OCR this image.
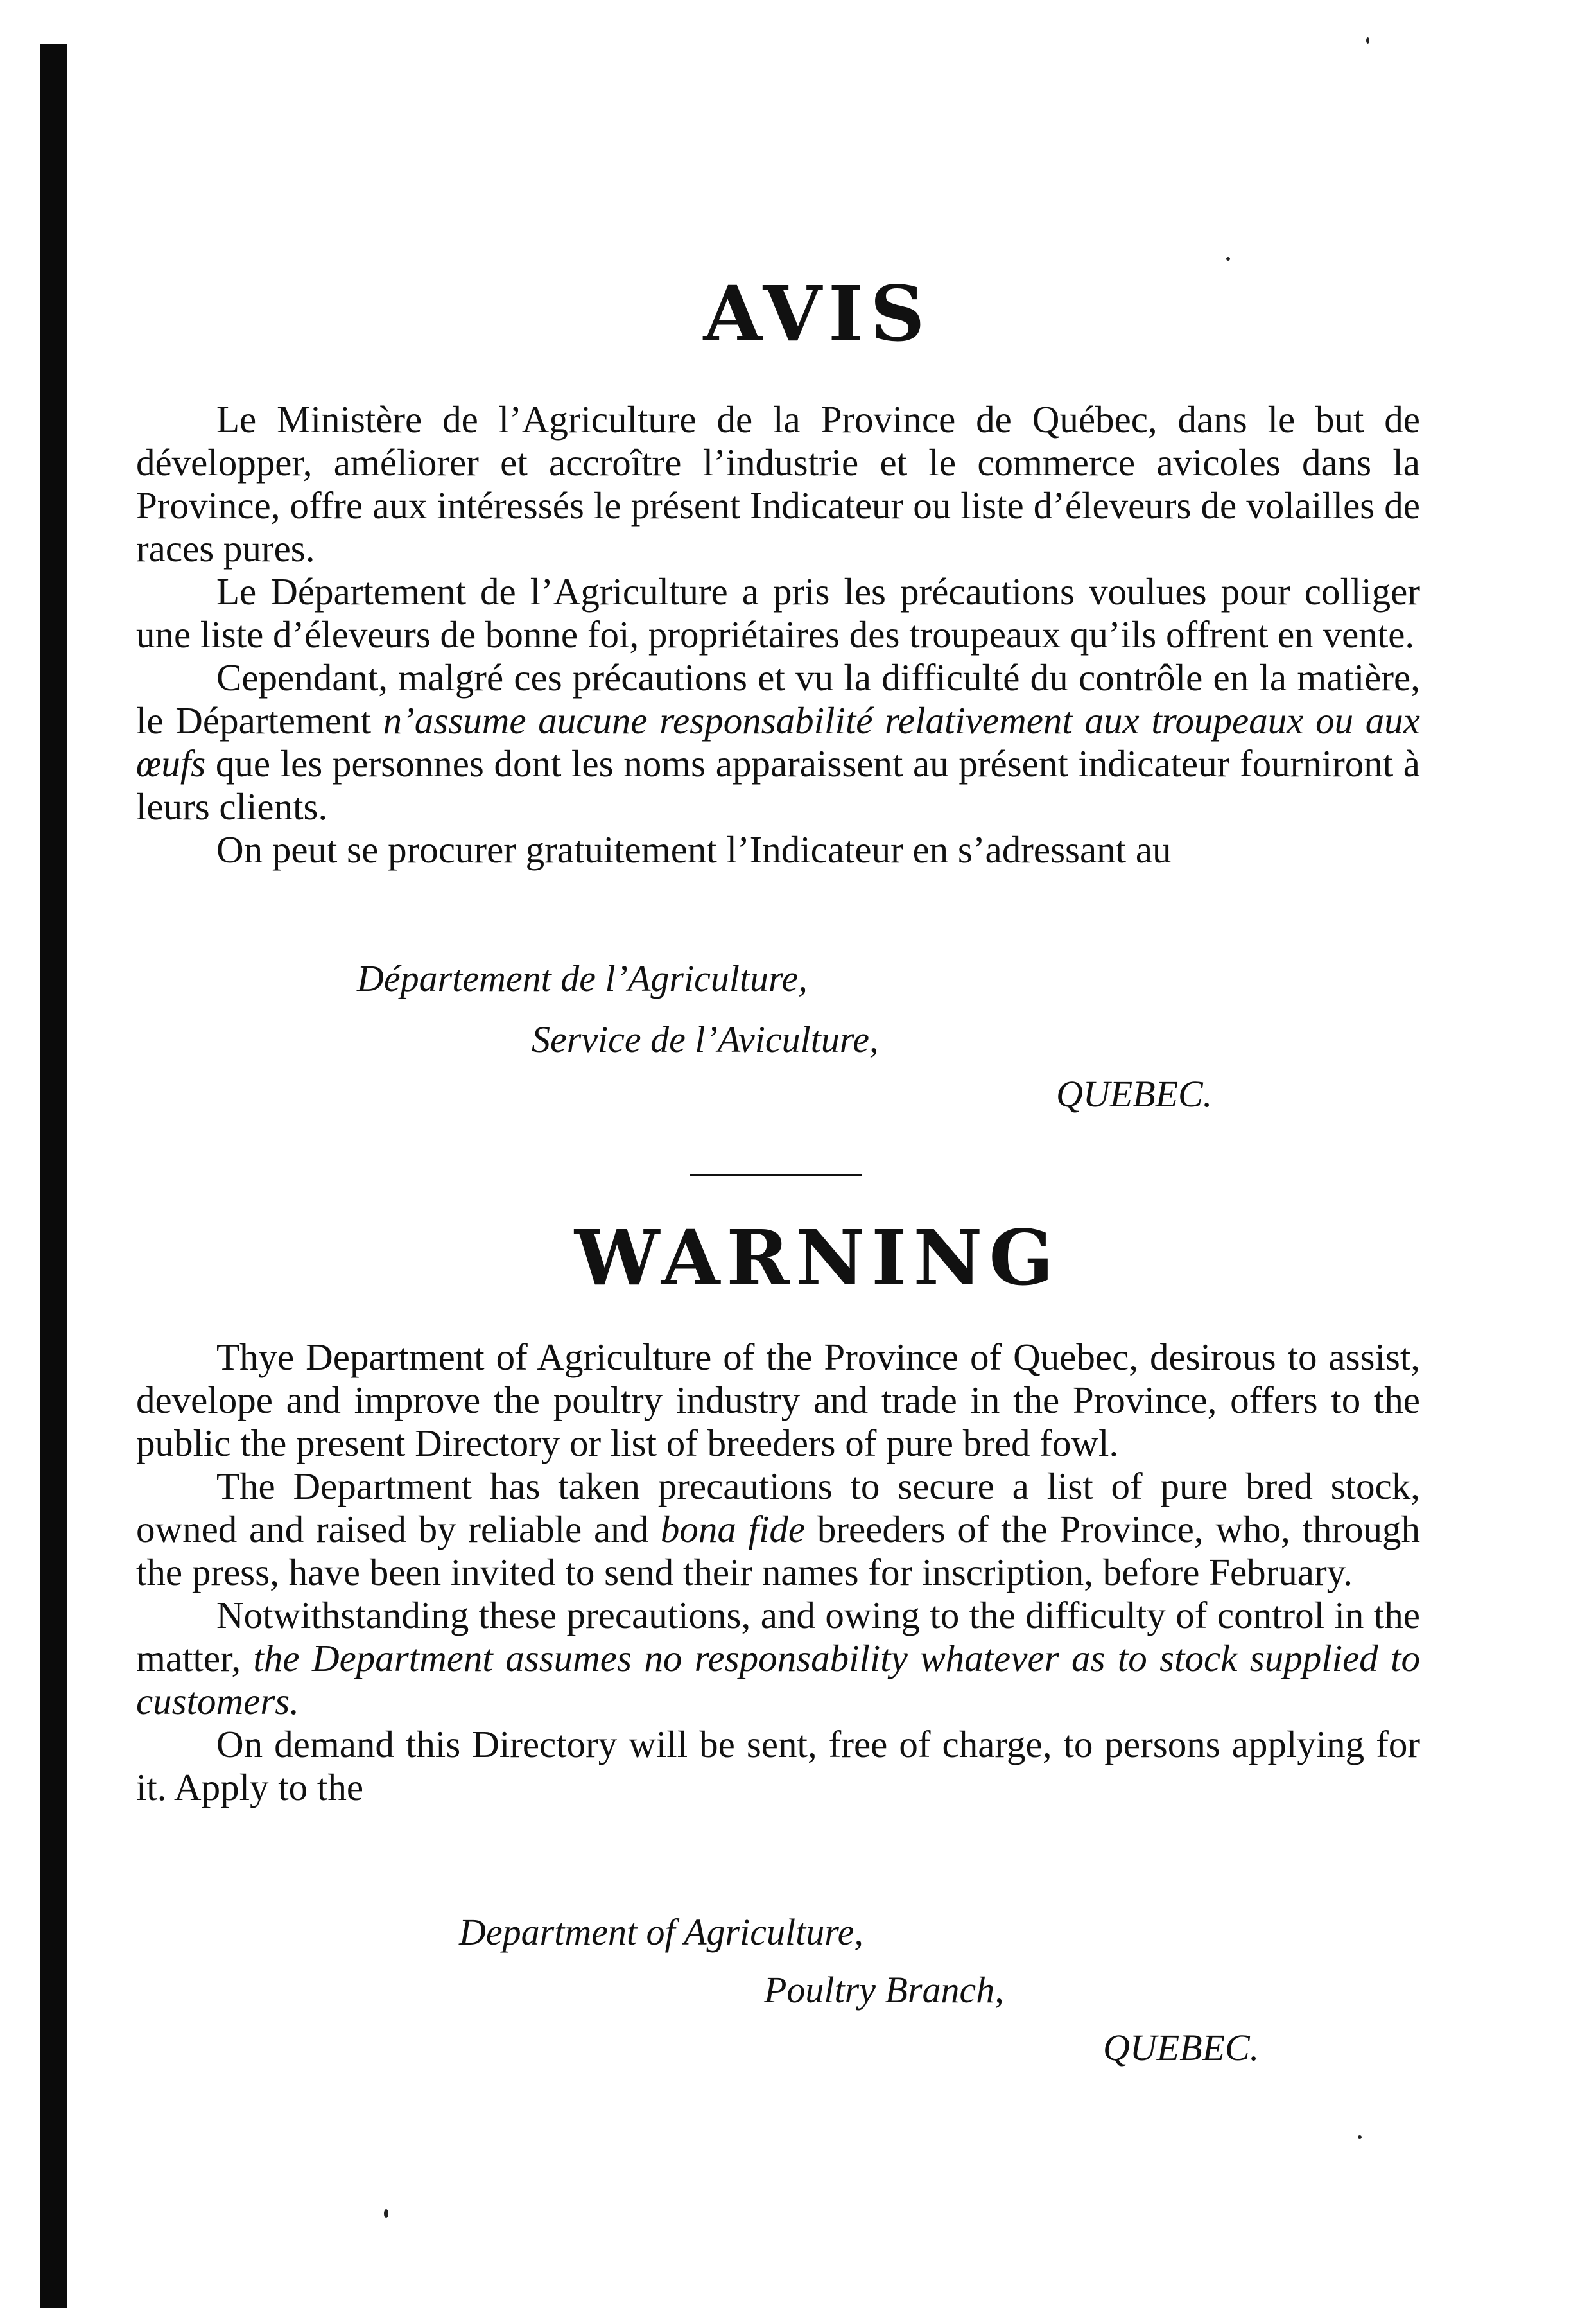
AVIS

Le Ministère de l’Agriculture de la Province de Québec, dans le but de développer, améliorer et accroître l’industrie et le commerce avicoles dans la Province, offre aux intéressés le présent Indicateur ou liste d’éleveurs de volailles de races pures.

Le Département de l’Agriculture a pris les précautions voulues pour colliger une liste d’éleveurs de bonne foi, propriétaires des troupeaux qu’ils offrent en vente.

Cependant, malgré ces précautions et vu la difficulté du contrôle en la matière, le Département n’assume aucune responsabilité relativement aux troupeaux ou aux œufs que les personnes dont les noms apparaissent au présent indicateur fourniront à leurs clients.

On peut se procurer gratuitement l’Indicateur en s’adressant au

Département de l’Agriculture,
Service de l’Aviculture,
QUEBEC.
WARNING

Thye Department of Agriculture of the Province of Quebec, desirous to assist, develope and improve the poultry industry and trade in the Province, offers to the public the present Directory or list of breeders of pure bred fowl.

The Department has taken precautions to secure a list of pure bred stock, owned and raised by reliable and bona fide breeders of the Province, who, through the press, have been invited to send their names for inscription, before February.

Notwithstanding these precautions, and owing to the difficulty of control in the matter, the Department assumes no responsability whatever as to stock supplied to customers.

On demand this Directory will be sent, free of charge, to persons applying for it. Apply to the

Department of Agriculture,
Poultry Branch,
QUEBEC.
